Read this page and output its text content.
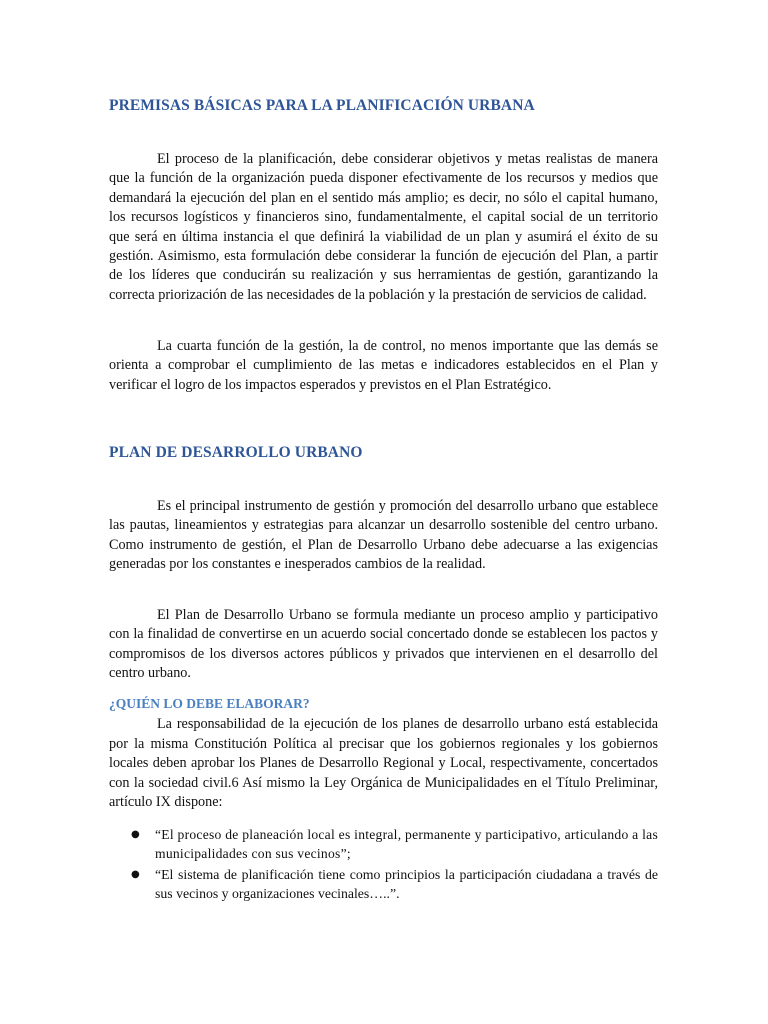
PREMISAS BÁSICAS PARA LA PLANIFICACIÓN URBANA

El proceso de la planificación, debe considerar objetivos y metas realistas de manera que la función de la organización pueda disponer efectivamente de los recursos y medios que demandará la ejecución del plan en el sentido más amplio; es decir, no sólo el capital humano, los recursos logísticos y financieros sino, fundamentalmente, el capital social de un territorio que será en última instancia el que definirá la viabilidad de un plan y asumirá el éxito de su gestión. Asimismo, esta formulación debe considerar la función de ejecución del Plan, a partir de los líderes que conducirán su realización y sus herramientas de gestión, garantizando la correcta priorización de las necesidades de la población y la prestación de servicios de calidad.

La cuarta función de la gestión, la de control, no menos importante que las demás se orienta a comprobar el cumplimiento de las metas e indicadores establecidos en el Plan y verificar el logro de los impactos esperados y previstos en el Plan Estratégico.

PLAN DE DESARROLLO URBANO

Es el principal instrumento de gestión y promoción del desarrollo urbano que establece las pautas, lineamientos y estrategias para alcanzar un desarrollo sostenible del centro urbano. Como instrumento de gestión, el Plan de Desarrollo Urbano debe adecuarse a las exigencias generadas por los constantes e inesperados cambios de la realidad.

El Plan de Desarrollo Urbano se formula mediante un proceso amplio y participativo con la finalidad de convertirse en un acuerdo social concertado donde se establecen los pactos y compromisos de los diversos actores públicos y privados que intervienen en el desarrollo del centro urbano.

¿QUIÉN LO DEBE ELABORAR?

La responsabilidad de la ejecución de los planes de desarrollo urbano está establecida por la misma Constitución Política al precisar que los gobiernos regionales y los gobiernos locales deben aprobar los Planes de Desarrollo Regional y Local, respectivamente, concertados con la sociedad civil.6 Así mismo la Ley Orgánica de Municipalidades en el Título Preliminar, artículo IX dispone:

● “El proceso de planeación local es integral, permanente y participativo, articulando a las municipalidades con sus vecinos”;
● “El sistema de planificación tiene como principios la participación ciudadana a través de sus vecinos y organizaciones vecinales…..”.
